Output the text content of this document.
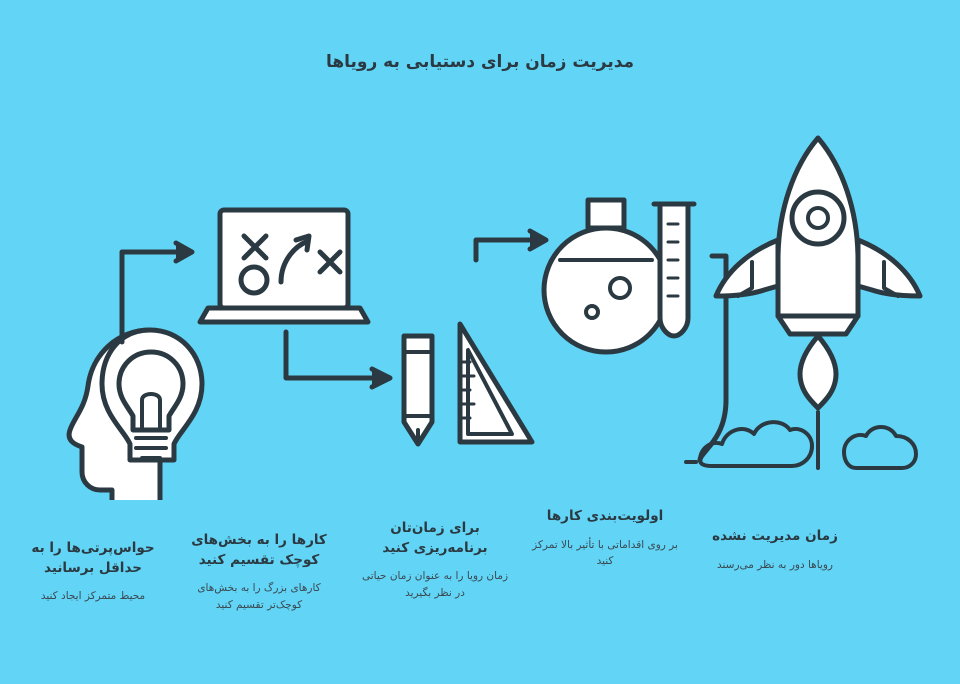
مدیریت زمان برای دستیابی به رویاها
زمان مدیریت نشده
رویاها دور به نظر می‌رسند
اولویت‌بندی کارها
بر روی اقداماتی با تأثیر بالا تمرکز کنید
برای زمان‌تان برنامه‌ریزی کنید
زمان رویا را به عنوان زمان حیاتی در نظر بگیرید
کارها را به بخش‌های کوچک تقسیم کنید
کارهای بزرگ را به بخش‌های کوچک‌تر تقسیم کنید
حواس‌پرتی‌ها را به حداقل برسانید
محیط متمرکز ایجاد کنید
